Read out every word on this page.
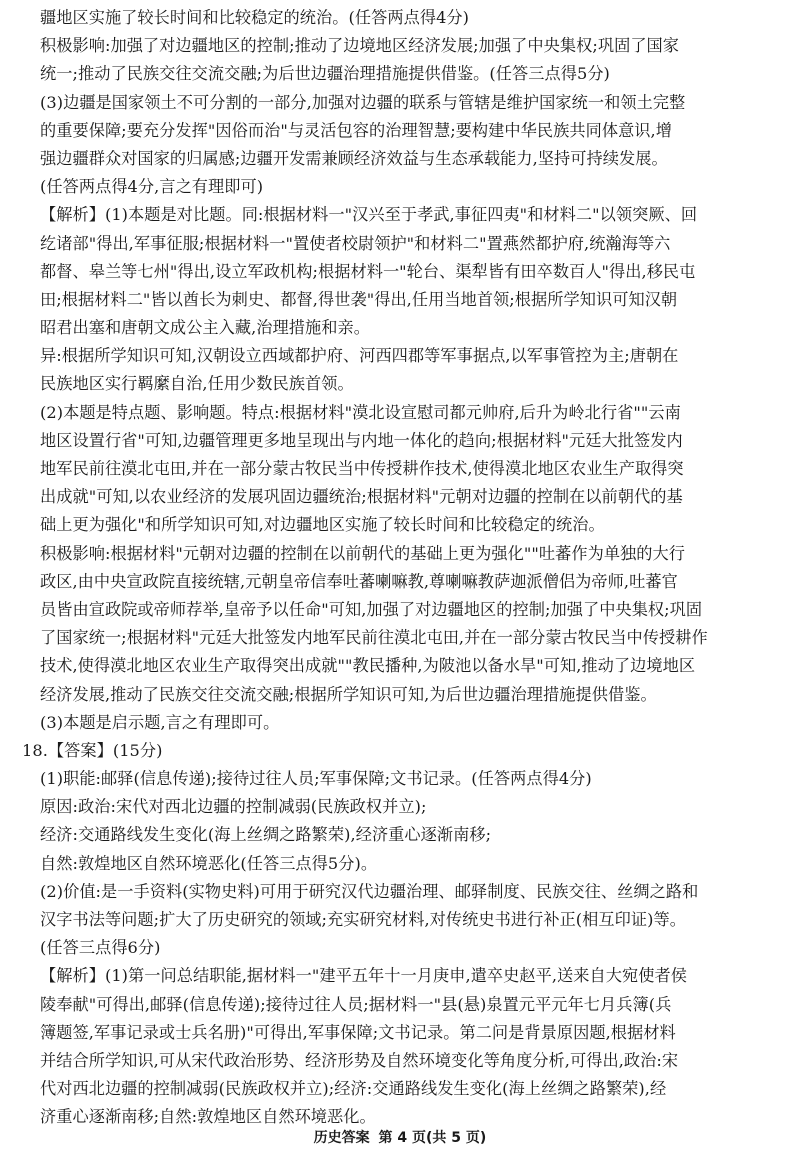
疆地区实施了较长时间和比较稳定的统治。(任答两点得4分)
积极影响:加强了对边疆地区的控制;推动了边境地区经济发展;加强了中央集权;巩固了国家
统一;推动了民族交往交流交融;为后世边疆治理措施提供借鉴。(任答三点得5分)
(3)边疆是国家领土不可分割的一部分,加强对边疆的联系与管辖是维护国家统一和领土完整
的重要保障;要充分发挥"因俗而治"与灵活包容的治理智慧;要构建中华民族共同体意识,增
强边疆群众对国家的归属感;边疆开发需兼顾经济效益与生态承载能力,坚持可持续发展。
(任答两点得4分,言之有理即可)
【解析】(1)本题是对比题。同:根据材料一"汉兴至于孝武,事征四夷"和材料二"以领突厥、回
纥诸部"得出,军事征服;根据材料一"置使者校尉领护"和材料二"置燕然都护府,统瀚海等六
都督、皋兰等七州"得出,设立军政机构;根据材料一"轮台、渠犁皆有田卒数百人"得出,移民屯
田;根据材料二"皆以酋长为刺史、都督,得世袭"得出,任用当地首领;根据所学知识可知汉朝
昭君出塞和唐朝文成公主入藏,治理措施和亲。
异:根据所学知识可知,汉朝设立西域都护府、河西四郡等军事据点,以军事管控为主;唐朝在
民族地区实行羁縻自治,任用少数民族首领。
(2)本题是特点题、影响题。特点:根据材料"漠北设宣慰司都元帅府,后升为岭北行省""云南
地区设置行省"可知,边疆管理更多地呈现出与内地一体化的趋向;根据材料"元廷大批签发内
地军民前往漠北屯田,并在一部分蒙古牧民当中传授耕作技术,使得漠北地区农业生产取得突
出成就"可知,以农业经济的发展巩固边疆统治;根据材料"元朝对边疆的控制在以前朝代的基
础上更为强化"和所学知识可知,对边疆地区实施了较长时间和比较稳定的统治。
积极影响:根据材料"元朝对边疆的控制在以前朝代的基础上更为强化""吐蕃作为单独的大行
政区,由中央宣政院直接统辖,元朝皇帝信奉吐蕃喇嘛教,尊喇嘛教萨迦派僧侣为帝师,吐蕃官
员皆由宣政院或帝师荐举,皇帝予以任命"可知,加强了对边疆地区的控制;加强了中央集权;巩固
了国家统一;根据材料"元廷大批签发内地军民前往漠北屯田,并在一部分蒙古牧民当中传授耕作
技术,使得漠北地区农业生产取得突出成就""教民播种,为陂池以备水旱"可知,推动了边境地区
经济发展,推动了民族交往交流交融;根据所学知识可知,为后世边疆治理措施提供借鉴。
(3)本题是启示题,言之有理即可。
18.【答案】(15分)
(1)职能:邮驿(信息传递);接待过往人员;军事保障;文书记录。(任答两点得4分)
原因:政治:宋代对西北边疆的控制减弱(民族政权并立);
经济:交通路线发生变化(海上丝绸之路繁荣),经济重心逐渐南移;
自然:敦煌地区自然环境恶化(任答三点得5分)。
(2)价值:是一手资料(实物史料)可用于研究汉代边疆治理、邮驿制度、民族交往、丝绸之路和
汉字书法等问题;扩大了历史研究的领域;充实研究材料,对传统史书进行补正(相互印证)等。
(任答三点得6分)
【解析】(1)第一问总结职能,据材料一"建平五年十一月庚申,遣卒史赵平,送来自大宛使者侯
陵奉献"可得出,邮驿(信息传递);接待过往人员;据材料一"县(悬)泉置元平元年七月兵簿(兵
簿题签,军事记录或士兵名册)"可得出,军事保障;文书记录。第二问是背景原因题,根据材料
并结合所学知识,可从宋代政治形势、经济形势及自然环境变化等角度分析,可得出,政治:宋
代对西北边疆的控制减弱(民族政权并立);经济:交通路线发生变化(海上丝绸之路繁荣),经
济重心逐渐南移;自然:敦煌地区自然环境恶化。
历史答案 第 4 页(共 5 页)
